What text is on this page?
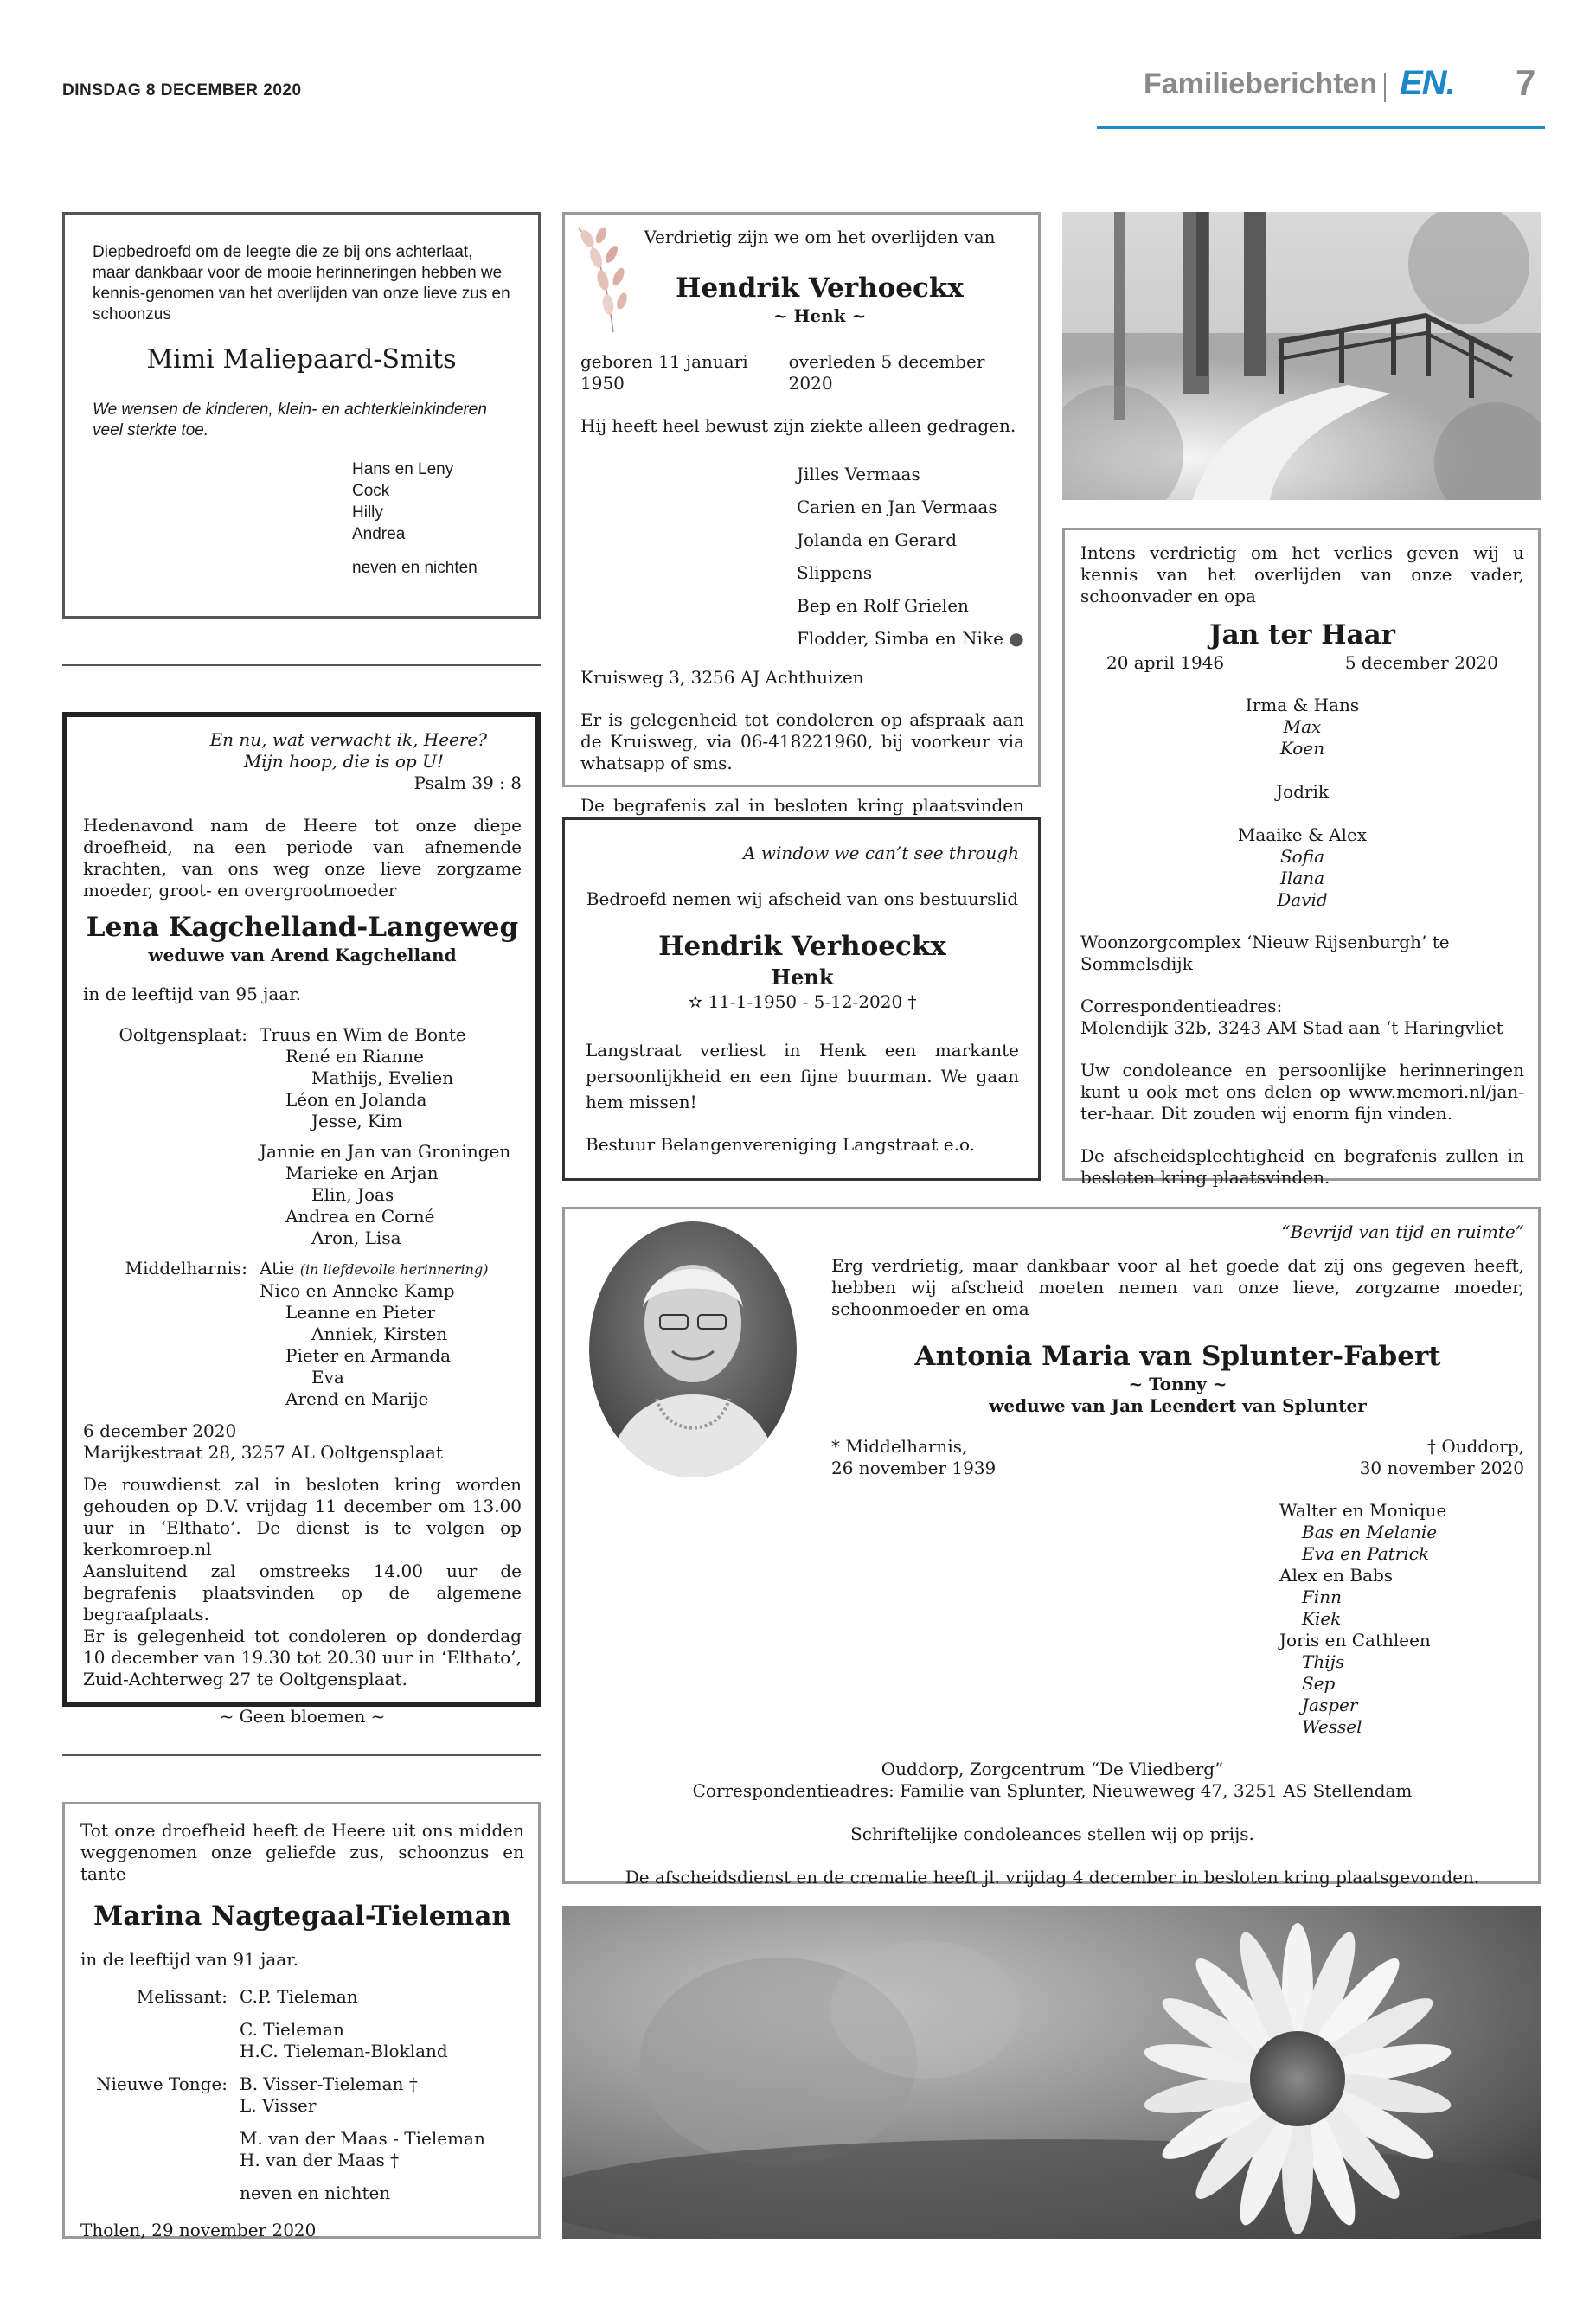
DINSDAG 8 DECEMBER 2020	Familieberichten EN. 7

Diepbedroefd om de leegte die ze bij ons achterlaat, maar dankbaar voor de mooie herinneringen hebben we kennis-genomen van het overlijden van onze lieve zus en schoonzus

Mimi Maliepaard-Smits

We wensen de kinderen, klein- en achterkleinkinderen veel sterkte toe.

Hans en Leny

Cock

Hilly

Andrea

neven en nichten

En nu, wat verwacht ik, Heere?

Mijn hoop, die is op U!

Psalm 39 : 8

Hedenavond nam de Heere tot onze diepe droefheid, na een periode van afnemende krachten, van ons weg onze lieve zorgzame moeder, groot- en overgrootmoeder

Lena Kagchelland-Langeweg

weduwe van Arend Kagchelland

in de leeftijd van 95 jaar.

Ooltgensplaat: Truus en Wim de Bonte

René en Rianne

Mathijs, Evelien

Léon en Jolanda

Jesse, Kim

Jannie en Jan van Groningen

Marieke en Arjan

Elin, Joas

Andrea en Corné

Aron, Lisa

Middelharnis: Atie (in liefdevolle herinnering)

Nico en Anneke Kamp

Leanne en Pieter

Anniek, Kirsten

Pieter en Armanda

Eva

Arend en Marije

6 december 2020

Marijkestraat 28, 3257 AL Ooltgensplaat

De rouwdienst zal in besloten kring worden gehouden op D.V. vrijdag 11 december om 13.00 uur in ‘Elthato’. De dienst is te volgen op kerkomroep.nl

Aansluitend zal omstreeks 14.00 uur de begrafenis plaatsvinden op de algemene begraafplaats.

Er is gelegenheid tot condoleren op donderdag 10 december van 19.30 tot 20.30 uur in ‘Elthato’, Zuid-Achterweg 27 te Ooltgensplaat.

~ Geen bloemen ~

Tot onze droefheid heeft de Heere uit ons midden weggenomen onze geliefde zus, schoonzus en tante

Marina Nagtegaal-Tieleman

in de leeftijd van 91 jaar.

Melissant: C.P. Tieleman

C. Tieleman

H.C. Tieleman-Blokland

Nieuwe Tonge: B. Visser-Tieleman †

L. Visser

M. van der Maas - Tieleman

H. van der Maas †

neven en nichten

Tholen, 29 november 2020

Verdrietig zijn we om het overlijden van

Hendrik Verhoeckx

~ Henk ~

geboren 11 januari 1950
overleden 5 december 2020

Hij heeft heel bewust zijn ziekte alleen gedragen.

Jilles Vermaas

Carien en Jan Vermaas

Jolanda en Gerard Slippens

Bep en Rolf Grielen

Flodder, Simba en Nike ●

Kruisweg 3, 3256 AJ Achthuizen

Er is gelegenheid tot condoleren op afspraak aan de Kruisweg, via 06-418221960, bij voorkeur via whatsapp of sms.

De begrafenis zal in besloten kring plaatsvinden

A window we can’t see through

Bedroefd nemen wij afscheid van ons bestuurslid

Hendrik Verhoeckx

Henk

✫ 11-1-1950 - 5-12-2020 †

Langstraat verliest in Henk een markante persoonlijkheid en een fijne buurman. We gaan hem missen!

Bestuur Belangenvereniging Langstraat e.o.

Intens verdrietig om het verlies geven wij u kennis van het overlijden van onze vader, schoonvader en opa

Jan ter Haar

20 april 1946	5 december 2020

Irma & Hans

Max

Koen

Jodrik

Maaike & Alex

Sofia

Ilana

David

Woonzorgcomplex ‘Nieuw Rijsenburgh’ te Sommelsdijk

Correspondentieadres:

Molendijk 32b, 3243 AM Stad aan ‘t Haringvliet

Uw condoleance en persoonlijke herinneringen kunt u ook met ons delen op www.memori.nl/jan-ter-haar. Dit zouden wij enorm fijn vinden.

De afscheidsplechtigheid en begrafenis zullen in besloten kring plaatsvinden.

“Bevrijd van tijd en ruimte”

Erg verdrietig, maar dankbaar voor al het goede dat zij ons gegeven heeft, hebben wij afscheid moeten nemen van onze lieve, zorgzame moeder, schoonmoeder en oma

Antonia Maria van Splunter-Fabert

~ Tonny ~

weduwe van Jan Leendert van Splunter

* Middelharnis,

26 november 1939

† Ouddorp,

30 november 2020

Walter en Monique

Bas en Melanie

Eva en Patrick

Alex en Babs

Finn

Kiek

Joris en Cathleen

Thijs

Sep

Jasper

Wessel

Ouddorp, Zorgcentrum “De Vliedberg”

Correspondentieadres: Familie van Splunter, Nieuweweg 47, 3251 AS Stellendam

Schriftelijke condoleances stellen wij op prijs.

De afscheidsdienst en de crematie heeft jl. vrijdag 4 december in besloten kring plaatsgevonden.
